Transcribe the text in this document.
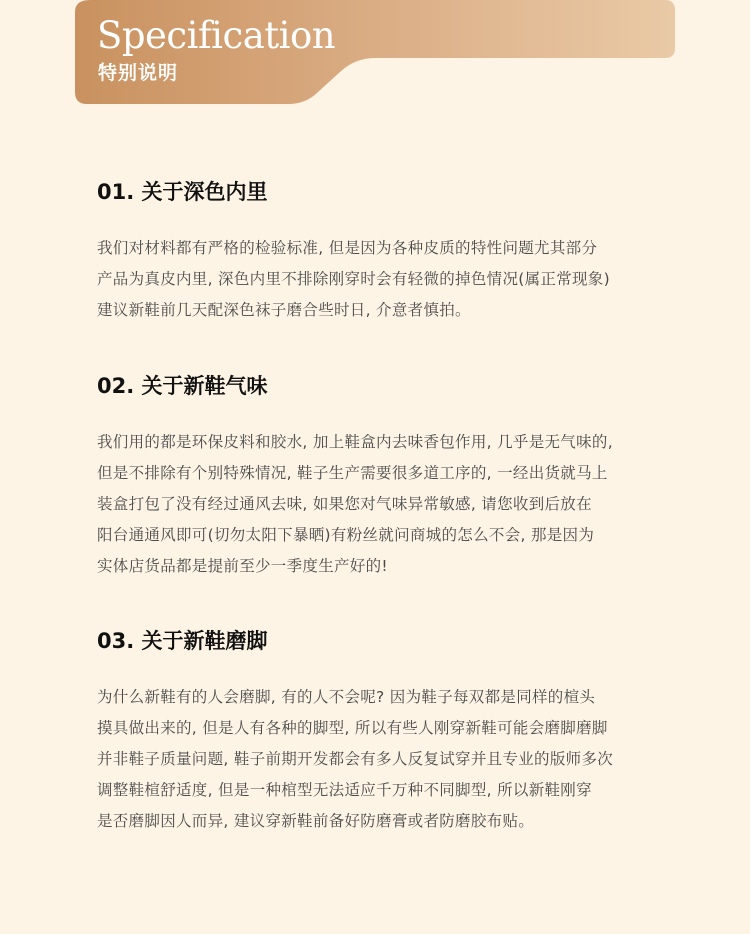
Specification
特别说明
01. 关于深色内里

我们对材料都有严格的检验标准, 但是因为各种皮质的特性问题尤其部分
产品为真皮内里, 深色内里不排除刚穿时会有轻微的掉色情况(属正常现象)
建议新鞋前几天配深色袜子磨合些时日, 介意者慎拍。

02. 关于新鞋气味

我们用的都是环保皮料和胶水, 加上鞋盒内去味香包作用, 几乎是无气味的,
但是不排除有个别特殊情况, 鞋子生产需要很多道工序的, 一经出货就马上
装盒打包了没有经过通风去味, 如果您对气味异常敏感, 请您收到后放在
阳台通通风即可(切勿太阳下暴晒)有粉丝就问商城的怎么不会, 那是因为
实体店货品都是提前至少一季度生产好的!

03. 关于新鞋磨脚

为什么新鞋有的人会磨脚, 有的人不会呢? 因为鞋子每双都是同样的楦头
摸具做出来的, 但是人有各种的脚型, 所以有些人刚穿新鞋可能会磨脚磨脚
并非鞋子质量问题, 鞋子前期开发都会有多人反复试穿并且专业的版师多次
调整鞋楦舒适度, 但是一种棺型无法适应千万种不同脚型, 所以新鞋刚穿
是否磨脚因人而异, 建议穿新鞋前备好防磨膏或者防磨胶布贴。
